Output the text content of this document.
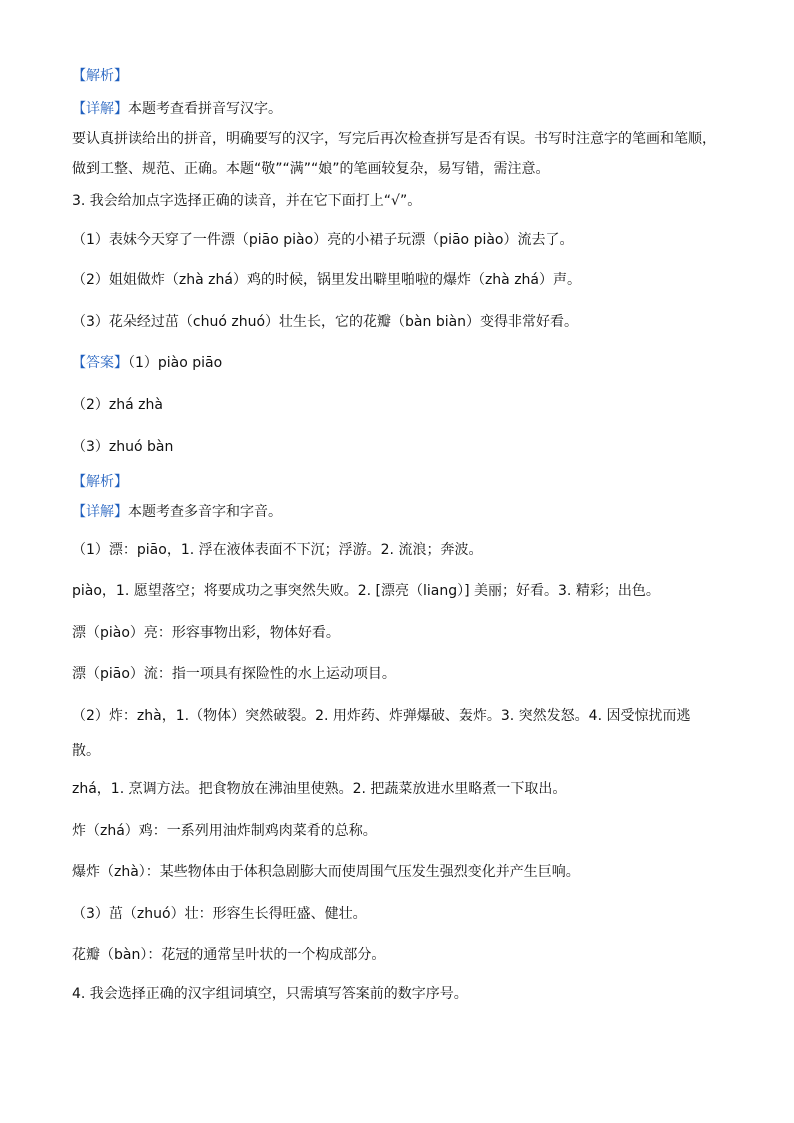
【解析】
【详解】本题考查看拼音写汉字。
要认真拼读给出的拼音，明确要写的汉字，写完后再次检查拼写是否有误。书写时注意字的笔画和笔顺，
做到工整、规范、正确。本题“敬”“满”“娘”的笔画较复杂，易写错，需注意。
3. 我会给加点字选择正确的读音，并在它下面打上“√”。
（1）表妹今天穿了一件漂（piāo piào）亮的小裙子玩漂（piāo piào）流去了。
（2）姐姐做炸（zhà zhá）鸡的时候，锅里发出噼里啪啦的爆炸（zhà zhá）声。
（3）花朵经过茁（chuó zhuó）壮生长，它的花瓣（bàn biàn）变得非常好看。
【答案】（1）piào piāo
（2）zhá zhà
（3）zhuó bàn
【解析】
【详解】本题考查多音字和字音。
（1）漂：piāo，1. 浮在液体表面不下沉；浮游。2. 流浪；奔波。
piào，1. 愿望落空；将要成功之事突然失败。2. [漂亮（liang）] 美丽；好看。3. 精彩；出色。
漂（piào）亮：形容事物出彩，物体好看。
漂（piāo）流：指一项具有探险性的水上运动项目。
（2）炸：zhà，1.（物体）突然破裂。2. 用炸药、炸弹爆破、轰炸。3. 突然发怒。4. 因受惊扰而逃
散。
zhá，1. 烹调方法。把食物放在沸油里使熟。2. 把蔬菜放进水里略煮一下取出。
炸（zhá）鸡：一系列用油炸制鸡肉菜肴的总称。
爆炸（zhà）：某些物体由于体积急剧膨大而使周围气压发生强烈变化并产生巨响。
（3）茁（zhuó）壮：形容生长得旺盛、健壮。
花瓣（bàn）：花冠的通常呈叶状的一个构成部分。
4. 我会选择正确的汉字组词填空，只需填写答案前的数字序号。
